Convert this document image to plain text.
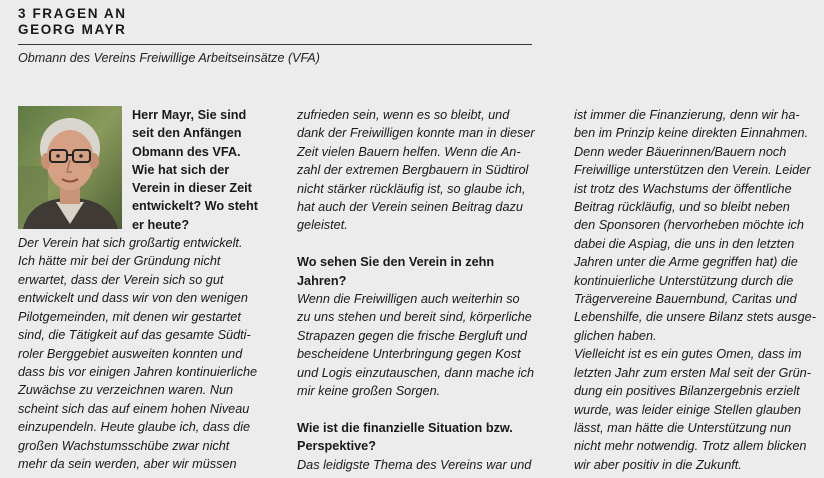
3 FRAGEN AN
GEORG MAYR
Obmann des Vereins Freiwillige Arbeitseinsätze (VFA)

Herr Mayr, Sie sind
seit den Anfängen
Obmann des VFA.
Wie hat sich der
Verein in dieser Zeit
entwickelt? Wo steht
er heute?

Der Verein hat sich großartig entwickelt.
Ich hätte mir bei der Gründung nicht
erwartet, dass der Verein sich so gut
entwickelt und dass wir von den wenigen
Pilotgemeinden, mit denen wir gestartet
sind, die Tätigkeit auf das gesamte Südti-
roler Berggebiet ausweiten konnten und
dass bis vor einigen Jahren kontinuierliche
Zuwächse zu verzeichnen waren. Nun
scheint sich das auf einem hohen Niveau
einzupendeln. Heute glaube ich, dass die
großen Wachstumsschübe zwar nicht
mehr da sein werden, aber wir müssen

zufrieden sein, wenn es so bleibt, und
dank der Freiwilligen konnte man in dieser
Zeit vielen Bauern helfen. Wenn die An-
zahl der extremen Bergbauern in Südtirol
nicht stärker rückläufig ist, so glaube ich,
hat auch der Verein seinen Beitrag dazu
geleistet.

Wo sehen Sie den Verein in zehn
Jahren?

Wenn die Freiwilligen auch weiterhin so
zu uns stehen und bereit sind, körperliche
Strapazen gegen die frische Bergluft und
bescheidene Unterbringung gegen Kost
und Logis einzutauschen, dann mache ich
mir keine großen Sorgen.

Wie ist die finanzielle Situation bzw.
Perspektive?

Das leidigste Thema des Vereins war und

ist immer die Finanzierung, denn wir ha-
ben im Prinzip keine direkten Einnahmen.
Denn weder Bäuerinnen/Bauern noch
Freiwillige unterstützen den Verein. Leider
ist trotz des Wachstums der öffentliche
Beitrag rückläufig, und so bleibt neben
den Sponsoren (hervorheben möchte ich
dabei die Aspiag, die uns in den letzten
Jahren unter die Arme gegriffen hat) die
kontinuierliche Unterstützung durch die
Trägervereine Bauernbund, Caritas und
Lebenshilfe, die unsere Bilanz stets ausge-
glichen haben.

Vielleicht ist es ein gutes Omen, dass im
letzten Jahr zum ersten Mal seit der Grün-
dung ein positives Bilanzergebnis erzielt
wurde, was leider einige Stellen glauben
lässt, man hätte die Unterstützung nun
nicht mehr notwendig. Trotz allem blicken
wir aber positiv in die Zukunft.
